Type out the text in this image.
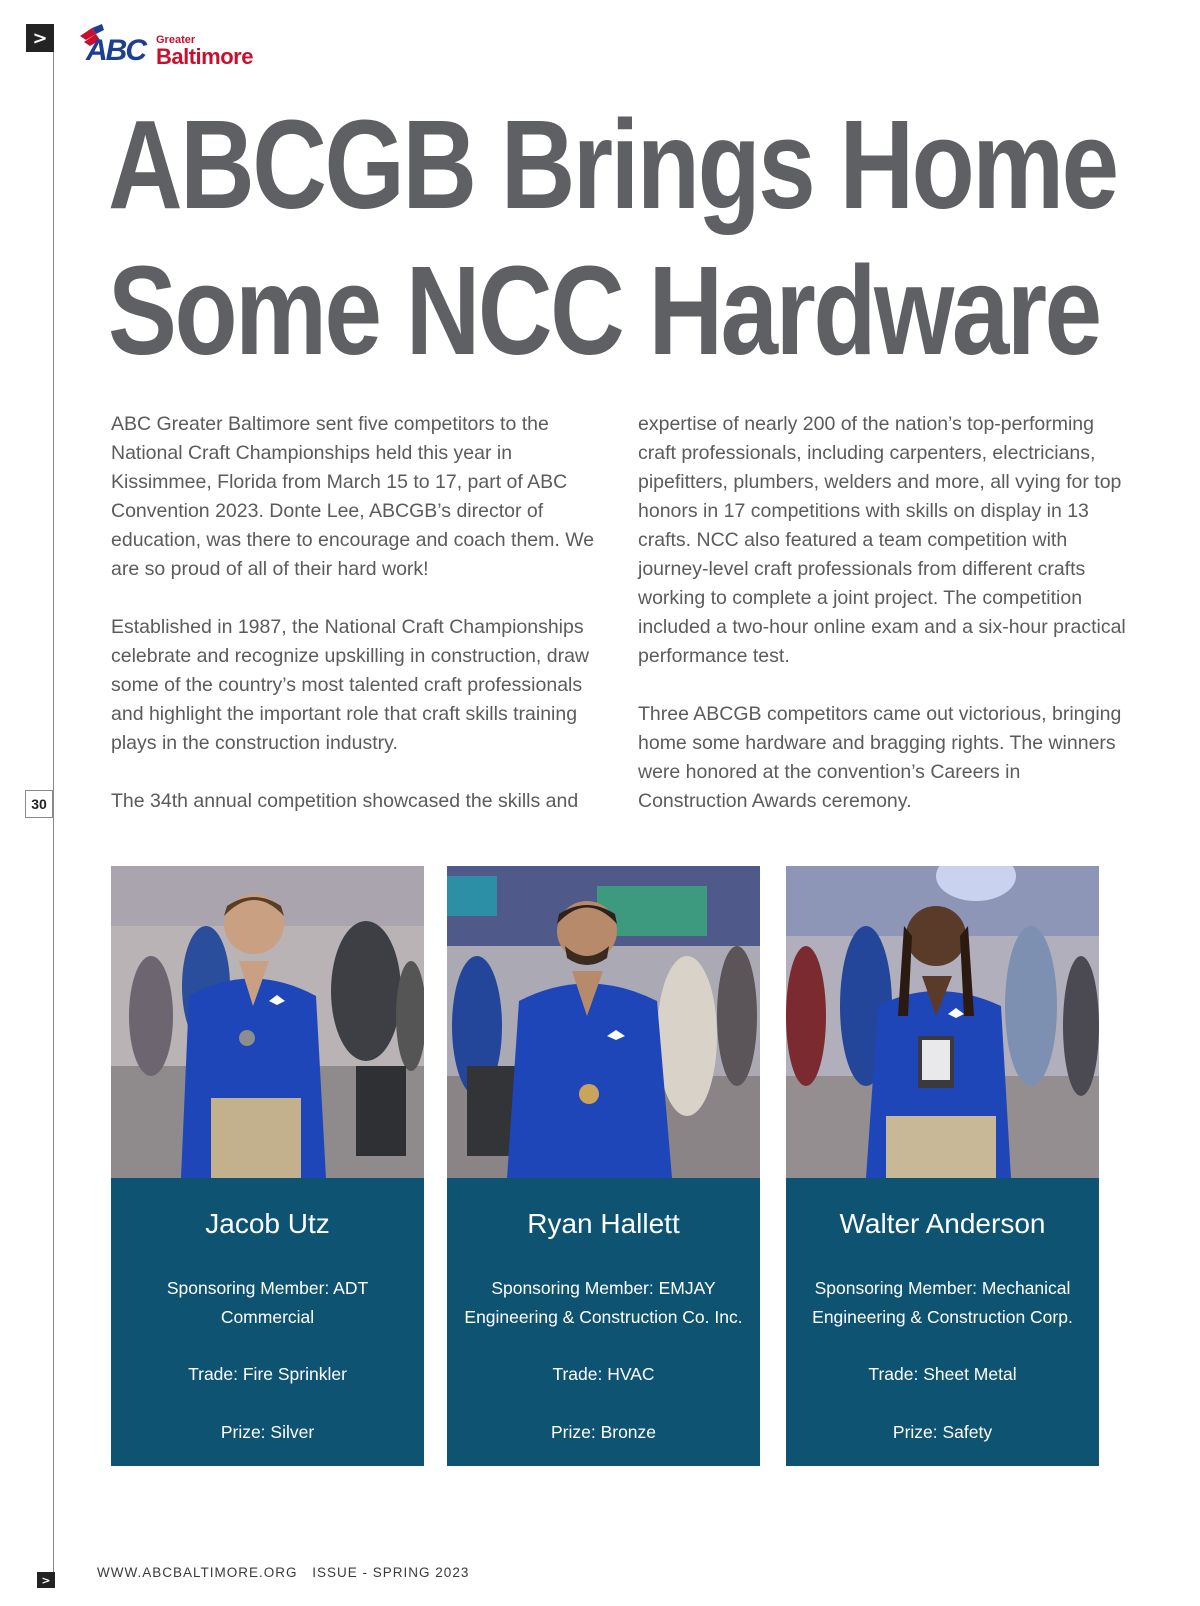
>
30
>
ABC	Greater
Baltimore
ABCGB Brings Home
Some NCC Hardware

ABC Greater Baltimore sent five competitors to the National Craft Championships held this year in Kissimmee, Florida from March 15 to 17, part of ABC Convention 2023. Donte Lee, ABCGB’s director of education, was there to encourage and coach them. We are so proud of all of their hard work!

Established in 1987, the National Craft Championships celebrate and recognize upskilling in construction, draw some of the country’s most talented craft professionals and highlight the important role that craft skills training plays in the construction industry.

The 34th annual competition showcased the skills and

expertise of nearly 200 of the nation’s top-performing craft professionals, including carpenters, electricians, pipefitters, plumbers, welders and more, all vying for top honors in 17 competitions with skills on display in 13 crafts. NCC also featured a team competition with journey-level craft professionals from different crafts working to complete a joint project. The competition included a two-hour online exam and a six-hour practical performance test.

Three ABCGB competitors came out victorious, bringing home some hardware and bragging rights. The winners were honored at the convention’s Careers in Construction Awards ceremony.

Jacob Utz
Sponsoring Member: ADT Commercial
Trade: Fire Sprinkler
Prize: Silver
Ryan Hallett
Sponsoring Member: EMJAY Engineering & Construction Co. Inc.
Trade: HVAC
Prize: Bronze
Walter Anderson
Sponsoring Member: Mechanical Engineering & Construction Corp.
Trade: Sheet Metal
Prize: Safety
WWW.ABCBALTIMORE.ORG ISSUE - SPRING 2023
